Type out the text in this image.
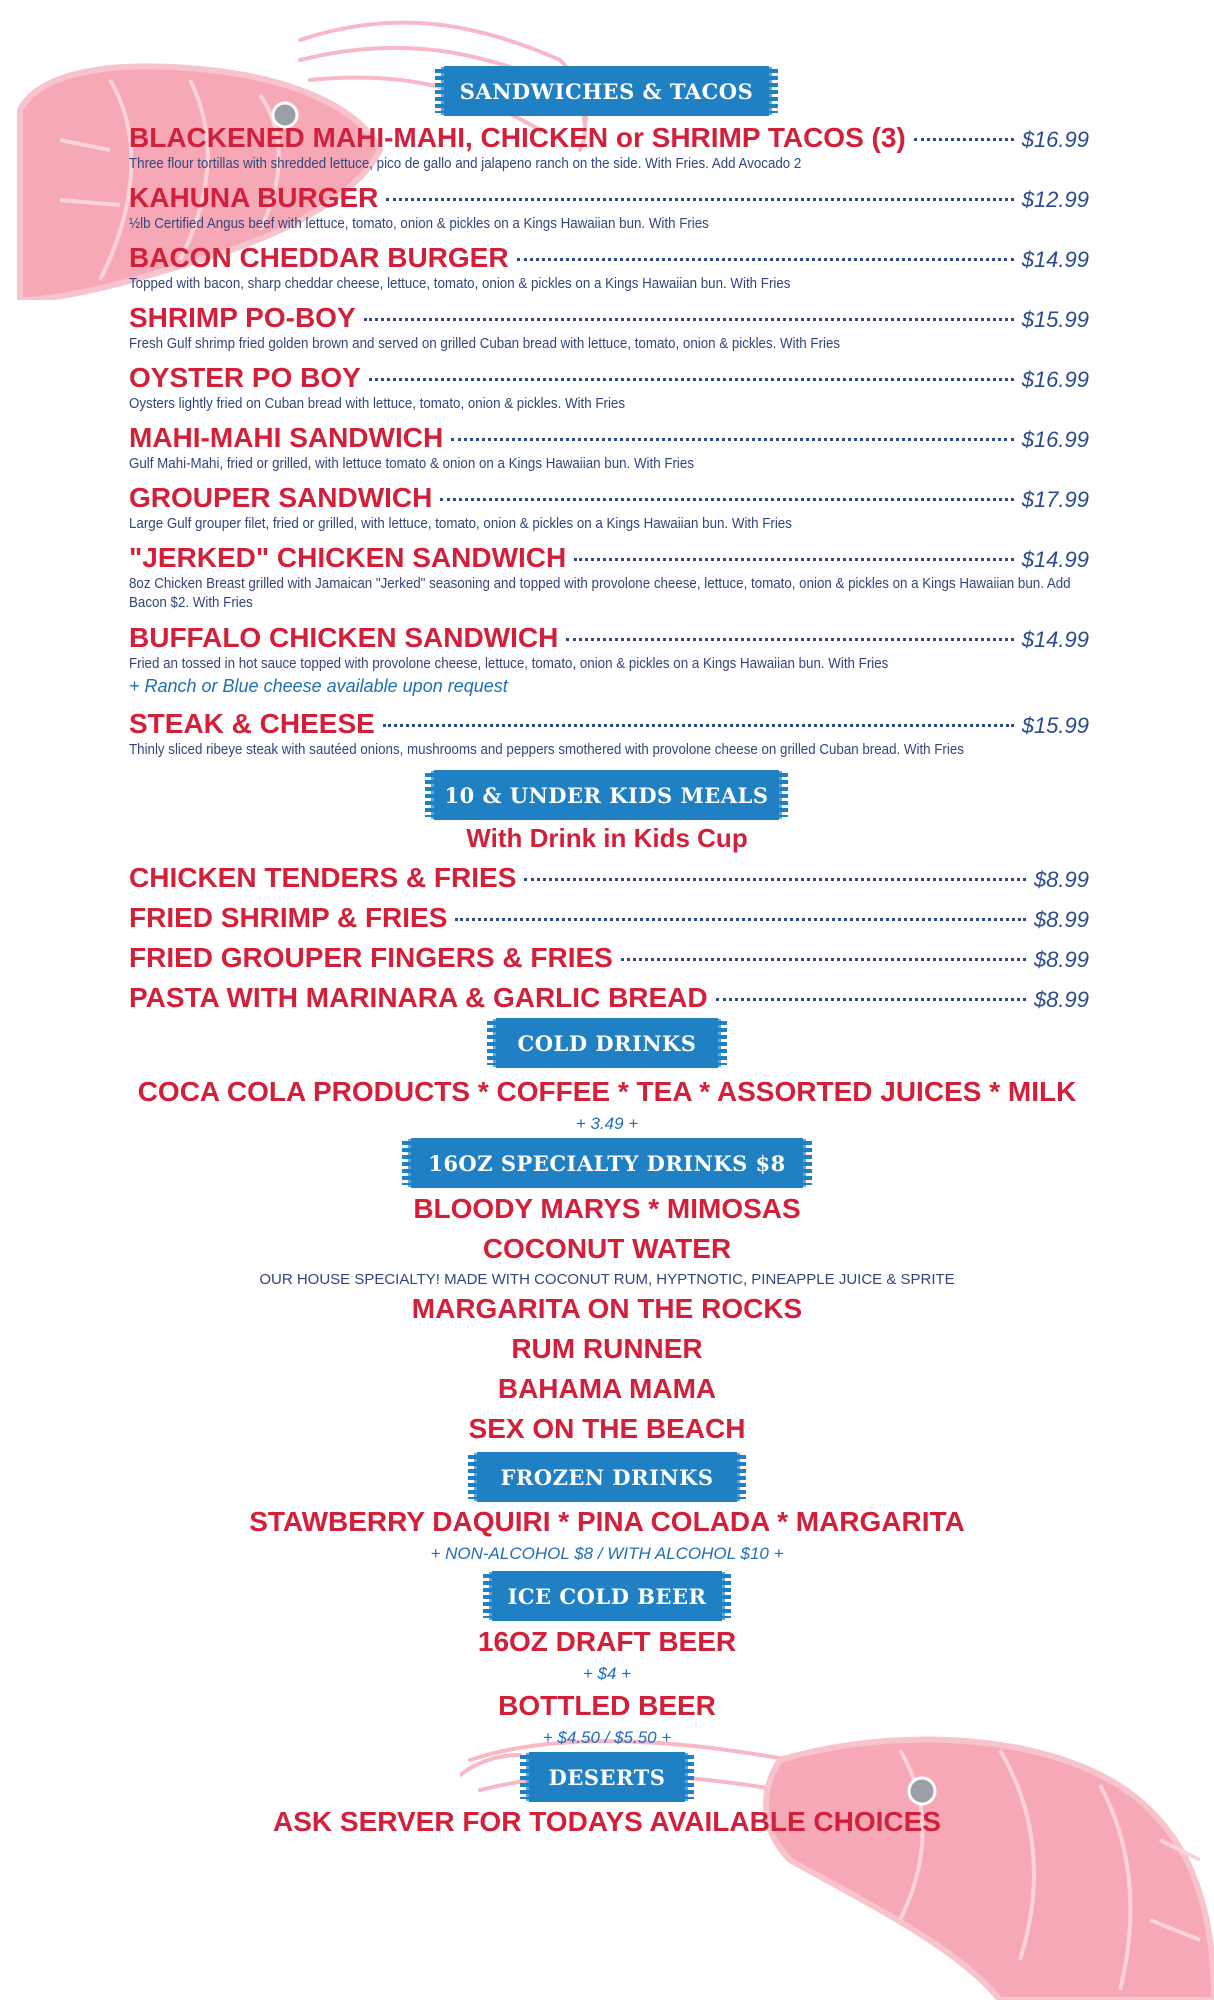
SANDWICHES & TACOS
BLACKENED MAHI-MAHI, CHICKEN or SHRIMP TACOS (3)	$16.99
Three flour tortillas with shredded lettuce, pico de gallo and jalapeno ranch on the side. With Fries. Add Avocado 2
KAHUNA BURGER	$12.99
½lb Certified Angus beef with lettuce, tomato, onion & pickles on a Kings Hawaiian bun. With Fries
BACON CHEDDAR BURGER	$14.99
Topped with bacon, sharp cheddar cheese, lettuce, tomato, onion & pickles on a Kings Hawaiian bun. With Fries
SHRIMP PO-BOY	$15.99
Fresh Gulf shrimp fried golden brown and served on grilled Cuban bread with lettuce, tomato, onion & pickles. With Fries
OYSTER PO BOY	$16.99
Oysters lightly fried on Cuban bread with lettuce, tomato, onion & pickles. With Fries
MAHI-MAHI SANDWICH	$16.99
Gulf Mahi-Mahi, fried or grilled, with lettuce tomato & onion on a Kings Hawaiian bun. With Fries
GROUPER SANDWICH	$17.99
Large Gulf grouper filet, fried or grilled, with lettuce, tomato, onion & pickles on a Kings Hawaiian bun. With Fries
"JERKED" CHICKEN SANDWICH	$14.99
8oz Chicken Breast grilled with Jamaican "Jerked" seasoning and topped with provolone cheese, lettuce, tomato, onion & pickles on a Kings Hawaiian bun. Add Bacon $2. With Fries
BUFFALO CHICKEN SANDWICH	$14.99
Fried an tossed in hot sauce topped with provolone cheese, lettuce, tomato, onion & pickles on a Kings Hawaiian bun. With Fries
+ Ranch or Blue cheese available upon request
STEAK & CHEESE	$15.99
Thinly sliced ribeye steak with sautéed onions, mushrooms and peppers smothered with provolone cheese on grilled Cuban bread. With Fries
10 & UNDER KIDS MEALS
With Drink in Kids Cup
CHICKEN TENDERS & FRIES	$8.99
FRIED SHRIMP & FRIES	$8.99
FRIED GROUPER FINGERS & FRIES	$8.99
PASTA WITH MARINARA & GARLIC BREAD	$8.99
COLD DRINKS
COCA COLA PRODUCTS * COFFEE * TEA * ASSORTED JUICES * MILK
+ 3.49 +
16OZ SPECIALTY DRINKS $8
BLOODY MARYS * MIMOSAS
COCONUT WATER
OUR HOUSE SPECIALTY! MADE WITH COCONUT RUM, HYPTNOTIC, PINEAPPLE JUICE & SPRITE
MARGARITA ON THE ROCKS
RUM RUNNER
BAHAMA MAMA
SEX ON THE BEACH
FROZEN DRINKS
STAWBERRY DAQUIRI * PINA COLADA * MARGARITA
+ NON-ALCOHOL $8 / WITH ALCOHOL $10 +
ICE COLD BEER
16OZ DRAFT BEER
+ $4 +
BOTTLED BEER
+ $4.50 / $5.50 +
DESERTS
ASK SERVER FOR TODAYS AVAILABLE CHOICES
